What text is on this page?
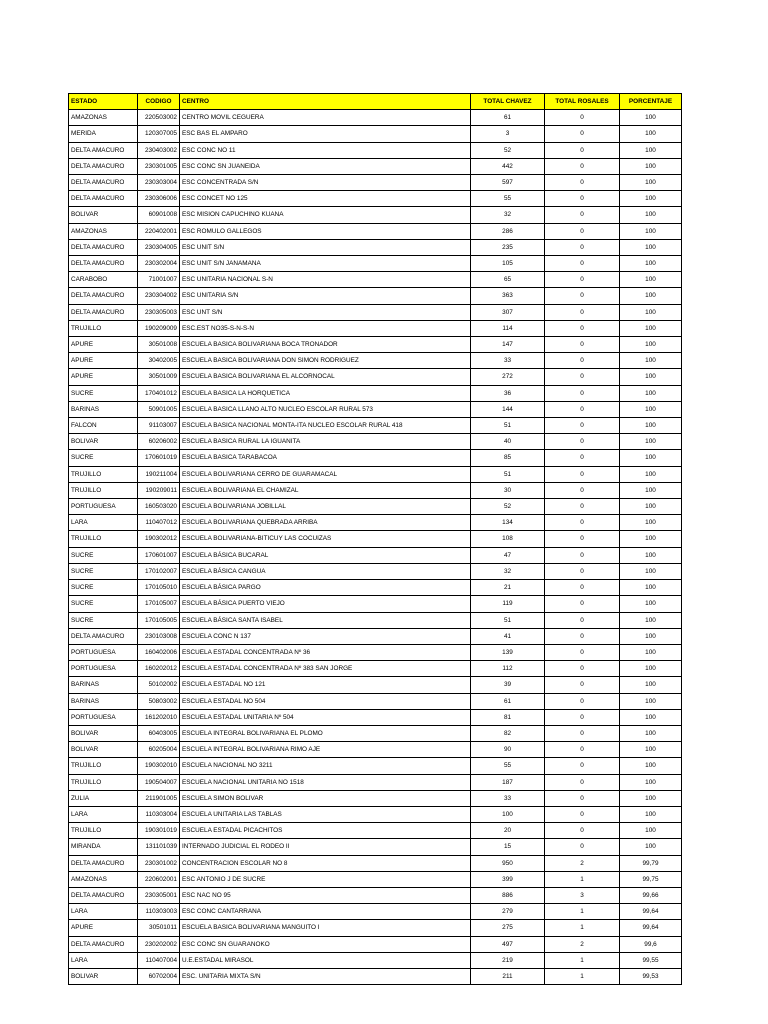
ESTADO	CODIGO	CENTRO	TOTAL CHAVEZ	TOTAL ROSALES	PORCENTAJE
AMAZONAS	220503002	CENTRO MOVIL CEGUERA	61	0	100
MERIDA	120307005	ESC BAS EL AMPARO	3	0	100
DELTA AMACURO	230403002	ESC CONC NO 11	52	0	100
DELTA AMACURO	230301005	ESC CONC SN JUANEIDA	442	0	100
DELTA AMACURO	230303004	ESC CONCENTRADA S/N	597	0	100
DELTA AMACURO	230306006	ESC CONCET NO 125	55	0	100
BOLIVAR	60901008	ESC MISION CAPUCHINO KUANA	32	0	100
AMAZONAS	220402001	ESC ROMULO GALLEGOS	286	0	100
DELTA AMACURO	230304005	ESC UNIT S/N	235	0	100
DELTA AMACURO	230302004	ESC UNIT S/N JANAMANA	105	0	100
CARABOBO	71001007	ESC UNITARIA NACIONAL S-N	65	0	100
DELTA AMACURO	230304002	ESC UNITARIA S/N	363	0	100
DELTA AMACURO	230305003	ESC UNT S/N	307	0	100
TRUJILLO	190209009	ESC.EST NO35-S-N-S-N	114	0	100
APURE	30501008	ESCUELA BASICA BOLIVARIANA BOCA TRONADOR	147	0	100
APURE	30402005	ESCUELA BASICA BOLIVARIANA DON SIMON RODRIGUEZ	33	0	100
APURE	30501009	ESCUELA BASICA BOLIVARIANA EL ALCORNOCAL	272	0	100
SUCRE	170401012	ESCUELA BASICA LA HORQUETICA	36	0	100
BARINAS	50901005	ESCUELA BASICA LLANO ALTO NUCLEO ESCOLAR RURAL 573	144	0	100
FALCON	91103007	ESCUELA BASICA NACIONAL MONTA-ITA NUCLEO ESCOLAR RURAL 418	51	0	100
BOLIVAR	60206002	ESCUELA BASICA RURAL LA IGUANITA	40	0	100
SUCRE	170601019	ESCUELA BASICA TARABACOA	85	0	100
TRUJILLO	190211004	ESCUELA BOLIVARIANA CERRO DE GUARAMACAL	51	0	100
TRUJILLO	190209011	ESCUELA BOLIVARIANA EL CHAMIZAL	30	0	100
PORTUGUESA	160503020	ESCUELA BOLIVARIANA JOBILLAL	52	0	100
LARA	110407012	ESCUELA BOLIVARIANA QUEBRADA ARRIBA	134	0	100
TRUJILLO	190302012	ESCUELA BOLIVARIANA-BITICUY LAS COCUIZAS	108	0	100
SUCRE	170601007	ESCUELA BÁSICA BUCARAL	47	0	100
SUCRE	170102007	ESCUELA BÁSICA CANGUA	32	0	100
SUCRE	170105010	ESCUELA BÁSICA PARGO	21	0	100
SUCRE	170105007	ESCUELA BÁSICA PUERTO VIEJO	119	0	100
SUCRE	170105005	ESCUELA BÁSICA SANTA ISABEL	51	0	100
DELTA AMACURO	230103008	ESCUELA CONC N 137	41	0	100
PORTUGUESA	160402006	ESCUELA ESTADAL CONCENTRADA Nº 36	139	0	100
PORTUGUESA	160202012	ESCUELA ESTADAL CONCENTRADA Nº 383 SAN JORGE	112	0	100
BARINAS	50102002	ESCUELA ESTADAL NO 121	39	0	100
BARINAS	50803002	ESCUELA ESTADAL NO 504	61	0	100
PORTUGUESA	161202010	ESCUELA ESTADAL UNITARIA Nº 504	81	0	100
BOLIVAR	60403005	ESCUELA INTEGRAL BOLIVARIANA EL PLOMO	82	0	100
BOLIVAR	60205004	ESCUELA INTEGRAL BOLIVARIANA RIMO AJE	90	0	100
TRUJILLO	190302010	ESCUELA NACIONAL NO 3211	55	0	100
TRUJILLO	190504007	ESCUELA NACIONAL UNITARIA NO 1518	187	0	100
ZULIA	211901005	ESCUELA SIMON BOLIVAR	33	0	100
LARA	110303004	ESCUELA UNITARIA LAS TABLAS	100	0	100
TRUJILLO	190301019	ESCUELA ESTADAL PICACHITOS	20	0	100
MIRANDA	131101039	INTERNADO JUDICIAL EL RODEO II	15	0	100
DELTA AMACURO	230301002	CONCENTRACION ESCOLAR NO 8	950	2	99,79
AMAZONAS	220602001	ESC ANTONIO J DE SUCRE	399	1	99,75
DELTA AMACURO	230305001	ESC NAC NO 95	886	3	99,66
LARA	110303003	ESC CONC CANTARRANA	279	1	99,64
APURE	30501011	ESCUELA BASICA BOLIVARIANA MANGUITO I	275	1	99,64
DELTA AMACURO	230202002	ESC CONC SN GUARANOKO	497	2	99,6
LARA	110407004	U.E.ESTADAL MIRASOL	219	1	99,55
BOLIVAR	60702004	ESC. UNITARIA MIXTA S/N	211	1	99,53
